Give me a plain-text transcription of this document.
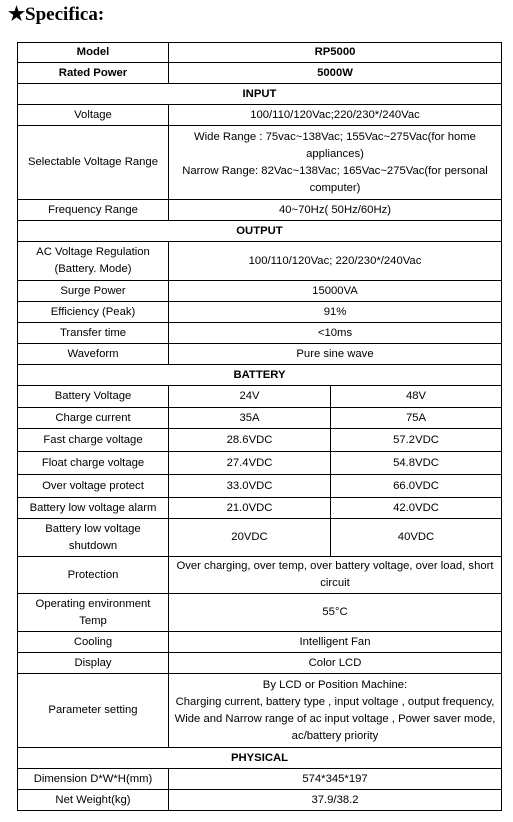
★Specifica:
Model	RP5000	
Rated Power	5000W	
INPUT		
Voltage	100/110/120Vac;220/230*/240Vac	
Selectable Voltage Range	Wide Range : 75vac~138Vac; 155Vac~275Vac(for home appliances)
Narrow Range: 82Vac~138Vac; 165Vac~275Vac(for personal computer)	

Frequency Range	40~70Hz( 50Hz/60Hz)	
OUTPUT		
AC Voltage Regulation (Battery. Mode)	100/110/120Vac; 220/230*/240Vac	
Surge Power	15000VA	
Efficiency (Peak)	91%	
Transfer time	<10ms	
Waveform	Pure sine wave	
BATTERY		
Battery Voltage	24V	48V
Charge current	35A	75A
Fast charge voltage	28.6VDC	57.2VDC
Float charge voltage	27.4VDC	54.8VDC
Over voltage protect	33.0VDC	66.0VDC
Battery low voltage alarm	21.0VDC	42.0VDC
Battery low voltage shutdown	20VDC	40VDC
Protection	Over charging, over temp, over battery voltage, over load, short circuit	
Operating environment Temp	55°C	
Cooling	Intelligent Fan	
Display	Color LCD	
Parameter setting	By LCD or Position Machine:
Charging current, battery type , input voltage , output frequency, Wide and Narrow range of ac input voltage , Power saver mode, ac/battery priority	

PHYSICAL		
Dimension D*W*H(mm)	574*345*197	
Net Weight(kg)	37.9/38.2	
